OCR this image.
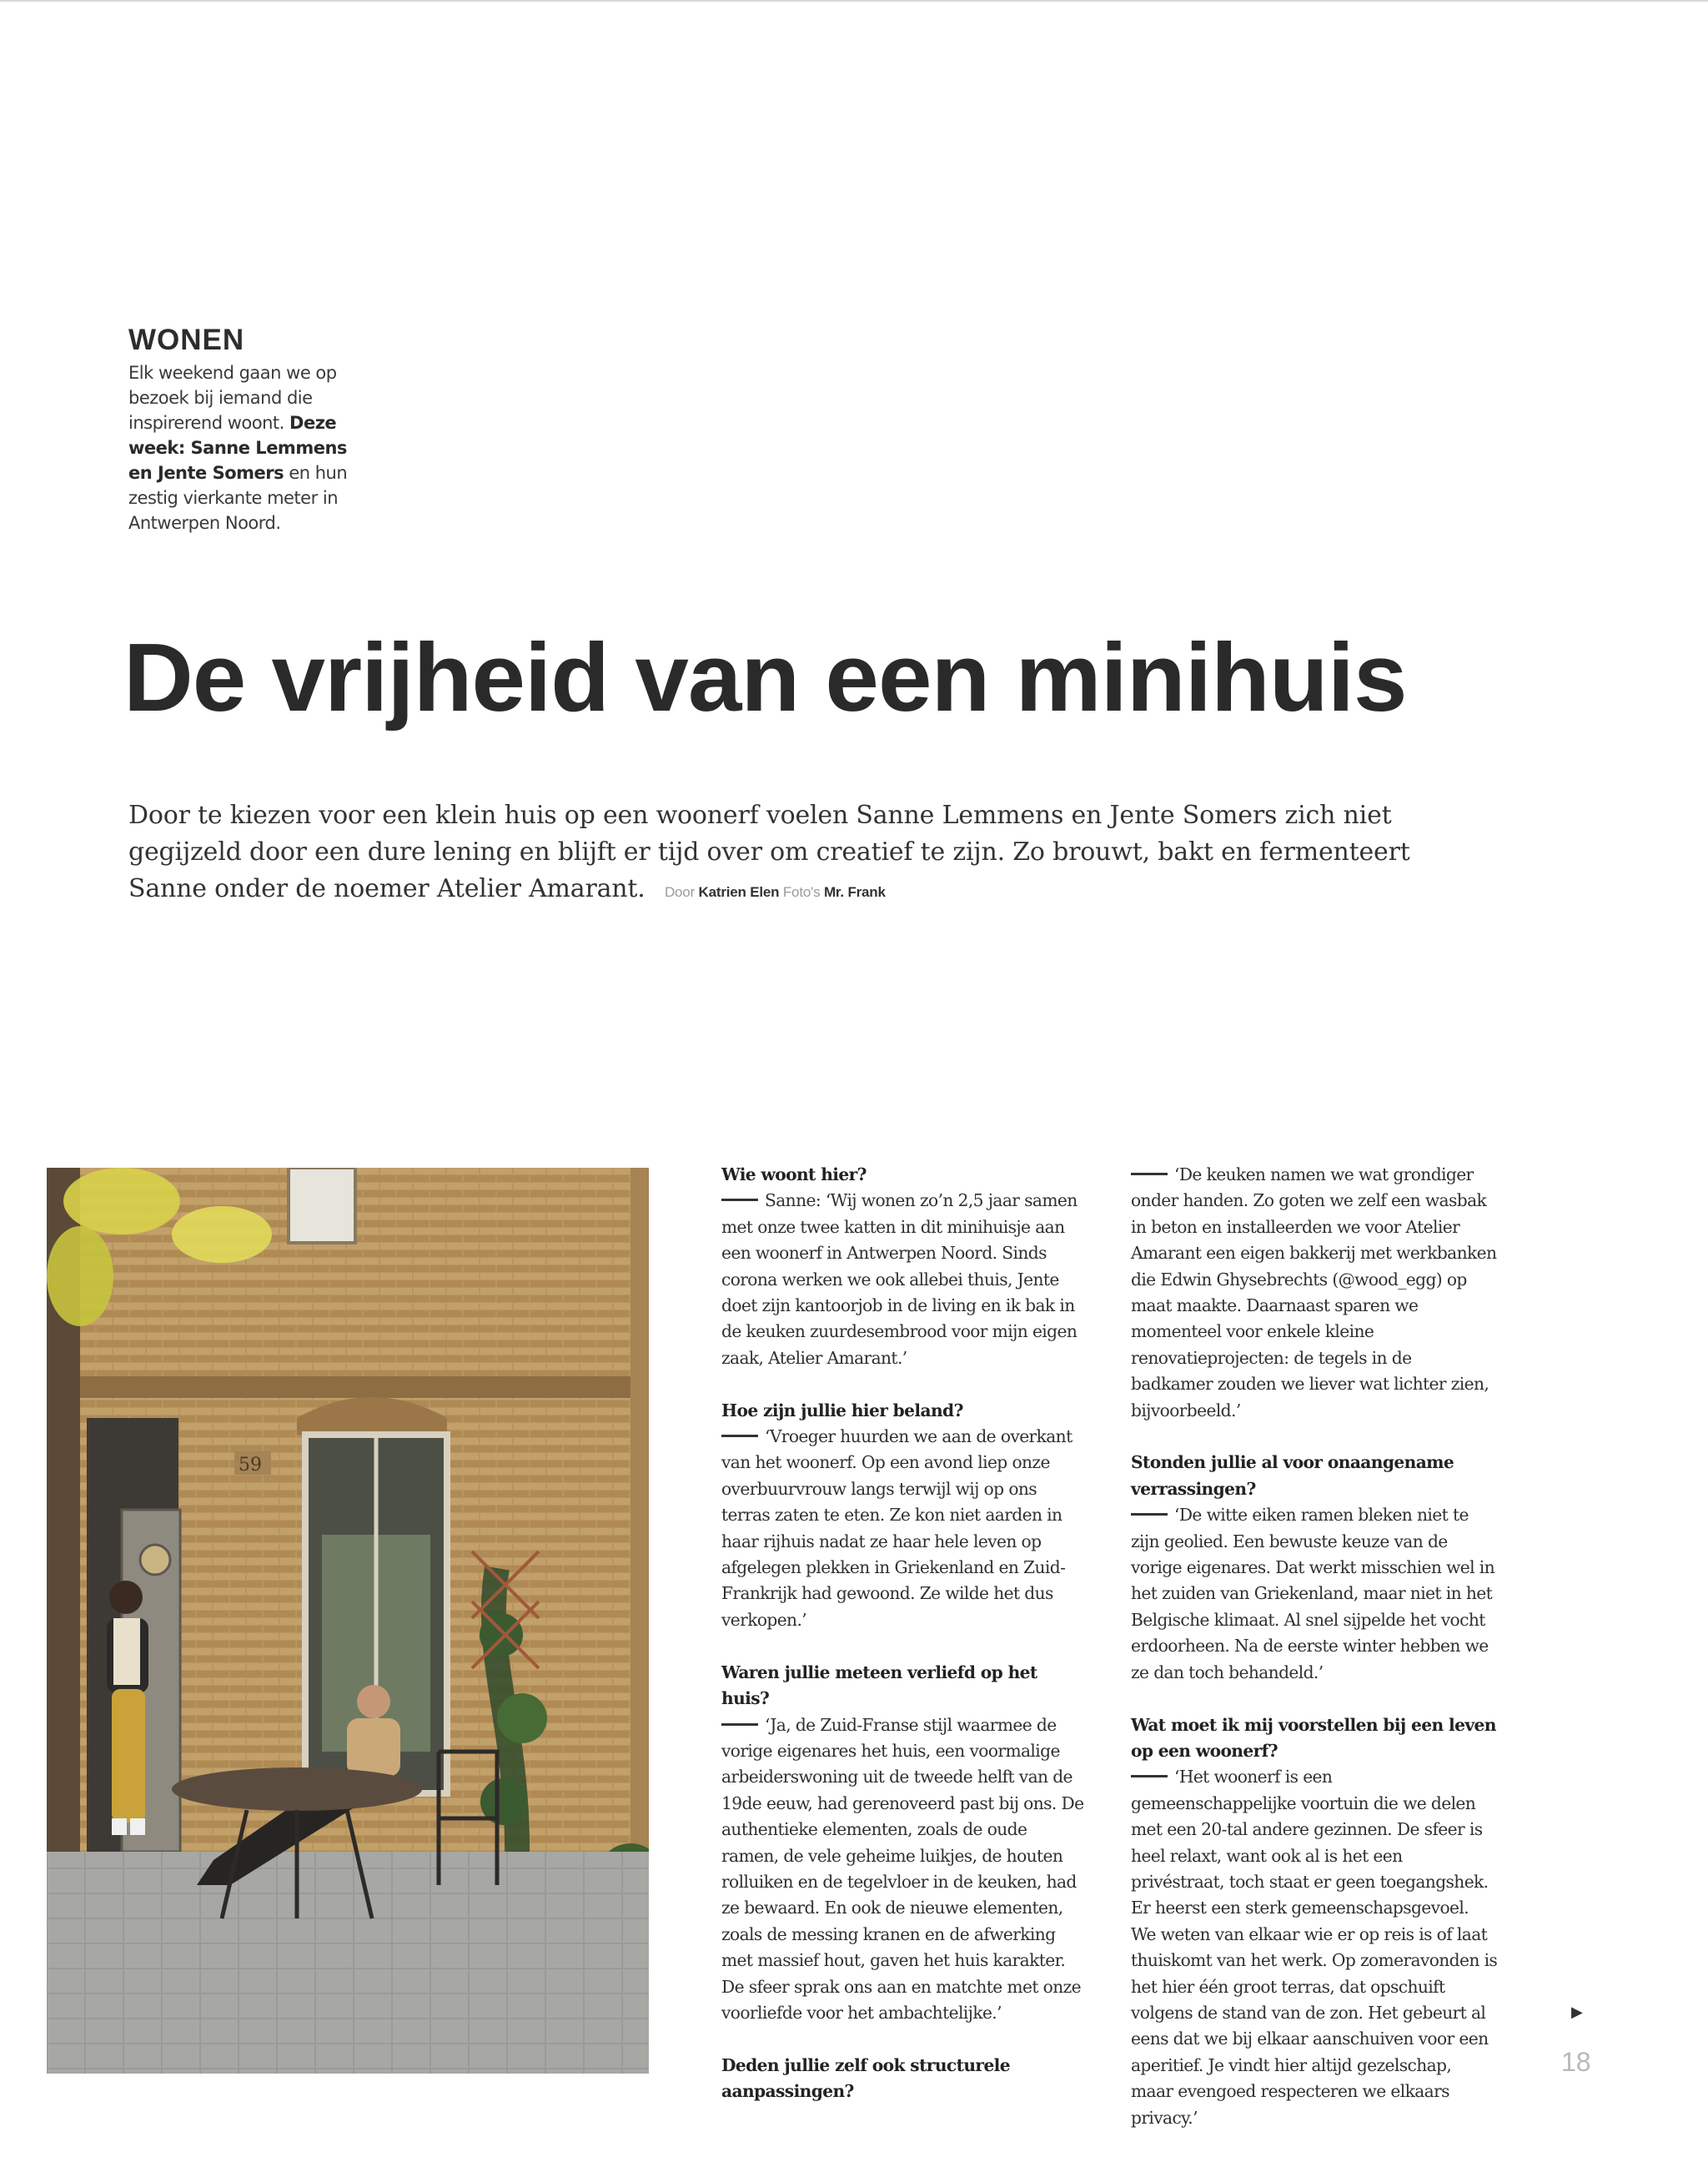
WONEN
Elk weekend gaan we op bezoek bij iemand die inspirerend woont. Deze week: Sanne Lemmens en Jente Somers en hun zestig vierkante meter in Antwerpen Noord.
De vrijheid van een minihuis
Door te kiezen voor een klein huis op een woonerf voelen Sanne Lemmens en Jente Somers zich niet gegijzeld door een dure lening en blijft er tijd over om creatief te zijn. Zo brouwt, bakt en fermenteert Sanne onder de noemer Atelier Amarant. Door Katrien Elen Foto's Mr. Frank
59

Wie woont hier?
Sanne: ‘Wij wonen zo’n 2,5 jaar samen met onze twee katten in dit minihuisje aan een woonerf in Antwerpen Noord. Sinds corona werken we ook allebei thuis, Jente doet zijn kantoorjob in de living en ik bak in de keuken zuurdesembrood voor mijn eigen zaak, Atelier Amarant.’

Hoe zijn jullie hier beland?
‘Vroeger huurden we aan de overkant van het woonerf. Op een avond liep onze overbuurvrouw langs terwijl wij op ons terras zaten te eten. Ze kon niet aarden in haar rijhuis nadat ze haar hele leven op afgelegen plekken in Griekenland en Zuid-Frankrijk had gewoond. Ze wilde het dus verkopen.’

Waren jullie meteen verliefd op het huis?
‘Ja, de Zuid-Franse stijl waarmee de vorige eigenares het huis, een voormalige arbeiderswoning uit de tweede helft van de 19de eeuw, had gerenoveerd past bij ons. De authentieke elementen, zoals de oude ramen, de vele geheime luikjes, de houten rolluiken en de tegelvloer in de keuken, had ze bewaard. En ook de nieuwe elementen, zoals de messing kranen en de afwerking met massief hout, gaven het huis karakter. De sfeer sprak ons aan en matchte met onze voorliefde voor het ambachtelijke.’

Deden jullie zelf ook structurele aanpassingen?

‘De keuken namen we wat grondiger onder handen. Zo goten we zelf een wasbak in beton en installeerden we voor Atelier Amarant een eigen bakkerij met werkbanken die Edwin Ghysebrechts (@wood_egg) op maat maakte. Daarnaast sparen we momenteel voor enkele kleine renovatieprojecten: de tegels in de badkamer zouden we liever wat lichter zien, bijvoorbeeld.’

Stonden jullie al voor onaangename verrassingen?
‘De witte eiken ramen bleken niet te zijn geolied. Een bewuste keuze van de vorige eigenares. Dat werkt misschien wel in het zuiden van Griekenland, maar niet in het Belgische klimaat. Al snel sijpelde het vocht erdoorheen. Na de eerste winter hebben we ze dan toch behandeld.’

Wat moet ik mij voorstellen bij een leven op een woonerf?
‘Het woonerf is een gemeenschappelijke voortuin die we delen met een 20-tal andere gezinnen. De sfeer is heel relaxt, want ook al is het een privéstraat, toch staat er geen toegangshek. Er heerst een sterk gemeenschapsgevoel. We weten van elkaar wie er op reis is of laat thuiskomt van het werk. Op zomeravonden is het hier één groot terras, dat opschuift volgens de stand van de zon. Het gebeurt al eens dat we bij elkaar aanschuiven voor een aperitief. Je vindt hier altijd gezelschap, maar evengoed respecteren we elkaars privacy.’

▶
18
